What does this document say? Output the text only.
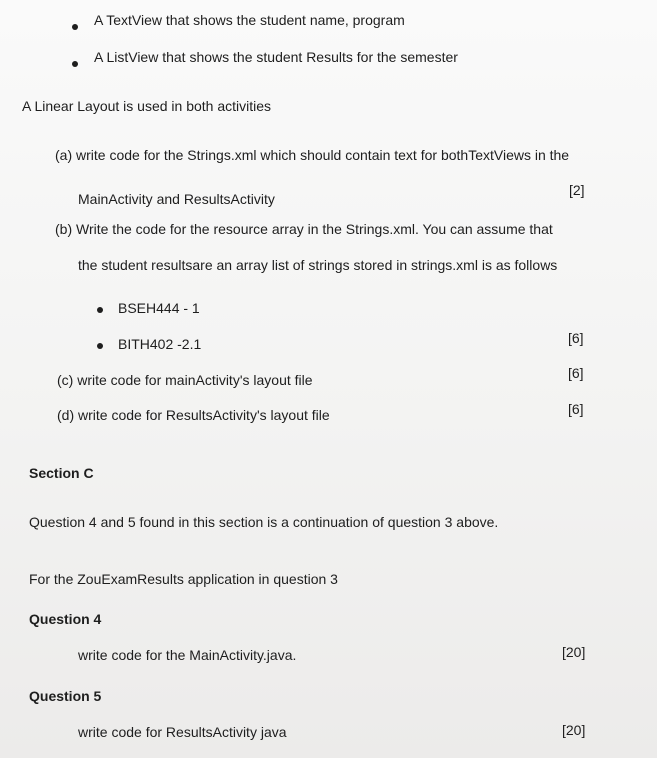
A TextView that shows the student name, program
A ListView that shows the student Results for the semester
A Linear Layout is used in both activities
(a) write code for the Strings.xml which should contain text for bothTextViews in the
MainActivity and ResultsActivity
[2]
(b) Write the code for the resource array in the Strings.xml. You can assume that
the student resultsare an array list of strings stored in strings.xml is as follows
BSEH444 - 1
BITH402 -2.1	[6]
(c) write code for mainActivity's layout file	[6]
(d) write code for ResultsActivity's layout file	[6]
Section C
Question 4 and 5 found in this section is a continuation of question 3 above.
For the ZouExamResults application in question 3
Question 4
write code for the MainActivity.java.	[20]
Question 5
write code for ResultsActivity java	[20]
